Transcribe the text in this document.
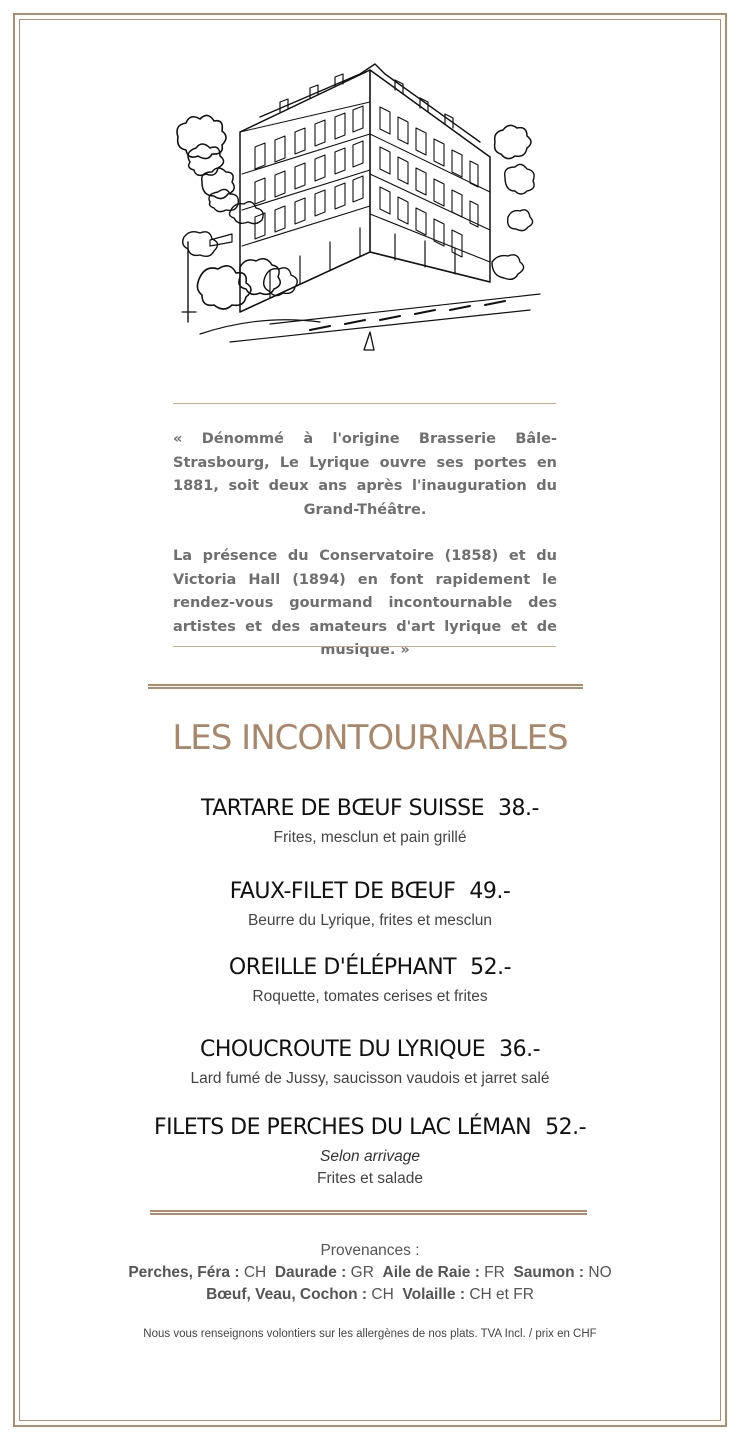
« Dénommé à l'origine Brasserie Bâle-Strasbourg, Le Lyrique ouvre ses portes en 1881, soit deux ans après l'inauguration du Grand-Théâtre.

La présence du Conservatoire (1858) et du Victoria Hall (1894) en font rapidement le rendez-vous gourmand incontournable des artistes et des amateurs d'art lyrique et de musique. »

LES INCONTOURNABLES
TARTARE DE BŒUF SUISSE 38.-
Frites, mesclun et pain grillé
FAUX-FILET DE BŒUF 49.-
Beurre du Lyrique, frites et mesclun
OREILLE D'ÉLÉPHANT 52.-
Roquette, tomates cerises et frites
CHOUCROUTE DU LYRIQUE 36.-
Lard fumé de Jussy, saucisson vaudois et jarret salé
FILETS DE PERCHES DU LAC LÉMAN 52.-
Selon arrivage
Frites et salade
Provenances :
Perches, Féra : CH Daurade : GR Aile de Raie : FR Saumon : NO
Bœuf, Veau, Cochon : CH Volaille : CH et FR
Nous vous renseignons volontiers sur les allergènes de nos plats. TVA Incl. / prix en CHF
